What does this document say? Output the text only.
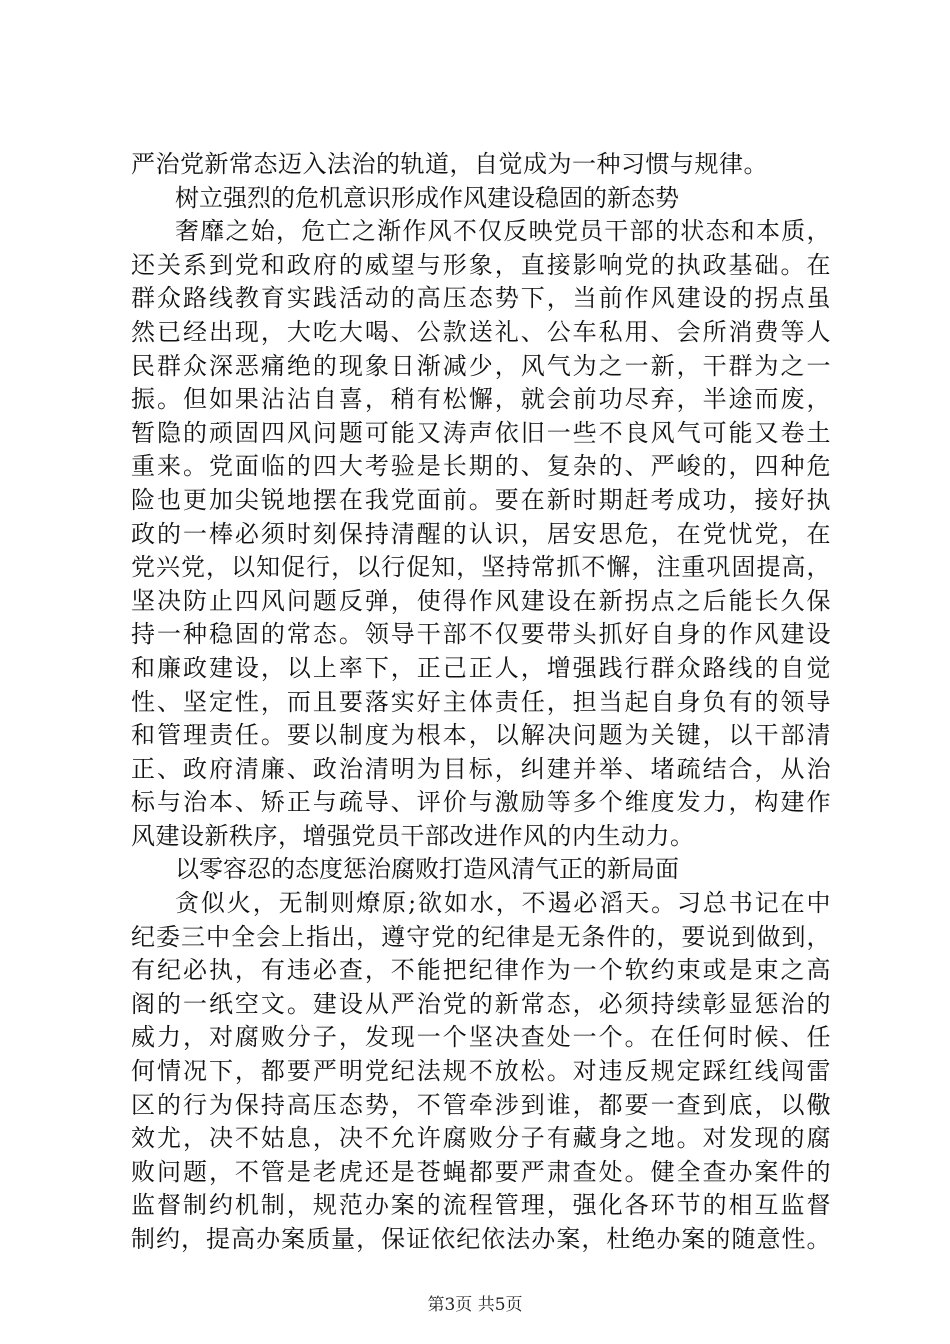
严治党新常态迈入法治的轨道，自觉成为一种习惯与规律。
树立强烈的危机意识形成作风建设稳固的新态势
奢靡之始，危亡之渐作风不仅反映党员干部的状态和本质，
还关系到党和政府的威望与形象，直接影响党的执政基础。在
群众路线教育实践活动的高压态势下，当前作风建设的拐点虽
然已经出现，大吃大喝、公款送礼、公车私用、会所消费等人
民群众深恶痛绝的现象日渐减少，风气为之一新，干群为之一
振。但如果沾沾自喜，稍有松懈，就会前功尽弃，半途而废，
暂隐的顽固四风问题可能又涛声依旧一些不良风气可能又卷土
重来。党面临的四大考验是长期的、复杂的、严峻的，四种危
险也更加尖锐地摆在我党面前。要在新时期赶考成功，接好执
政的一棒必须时刻保持清醒的认识，居安思危，在党忧党，在
党兴党，以知促行，以行促知，坚持常抓不懈，注重巩固提高，
坚决防止四风问题反弹，使得作风建设在新拐点之后能长久保
持一种稳固的常态。领导干部不仅要带头抓好自身的作风建设
和廉政建设，以上率下，正己正人，增强践行群众路线的自觉
性、坚定性，而且要落实好主体责任，担当起自身负有的领导
和管理责任。要以制度为根本，以解决问题为关键，以干部清
正、政府清廉、政治清明为目标，纠建并举、堵疏结合，从治
标与治本、矫正与疏导、评价与激励等多个维度发力，构建作
风建设新秩序，增强党员干部改进作风的内生动力。
以零容忍的态度惩治腐败打造风清气正的新局面
贪似火，无制则燎原;欲如水，不遏必滔天。习总书记在中
纪委三中全会上指出，遵守党的纪律是无条件的，要说到做到，
有纪必执，有违必查，不能把纪律作为一个软约束或是束之高
阁的一纸空文。建设从严治党的新常态，必须持续彰显惩治的
威力，对腐败分子，发现一个坚决查处一个。在任何时候、任
何情况下，都要严明党纪法规不放松。对违反规定踩红线闯雷
区的行为保持高压态势，不管牵涉到谁，都要一查到底，以儆
效尤，决不姑息，决不允许腐败分子有藏身之地。对发现的腐
败问题，不管是老虎还是苍蝇都要严肃查处。健全查办案件的
监督制约机制，规范办案的流程管理，强化各环节的相互监督
制约，提高办案质量，保证依纪依法办案，杜绝办案的随意性。
第3页 共5页
